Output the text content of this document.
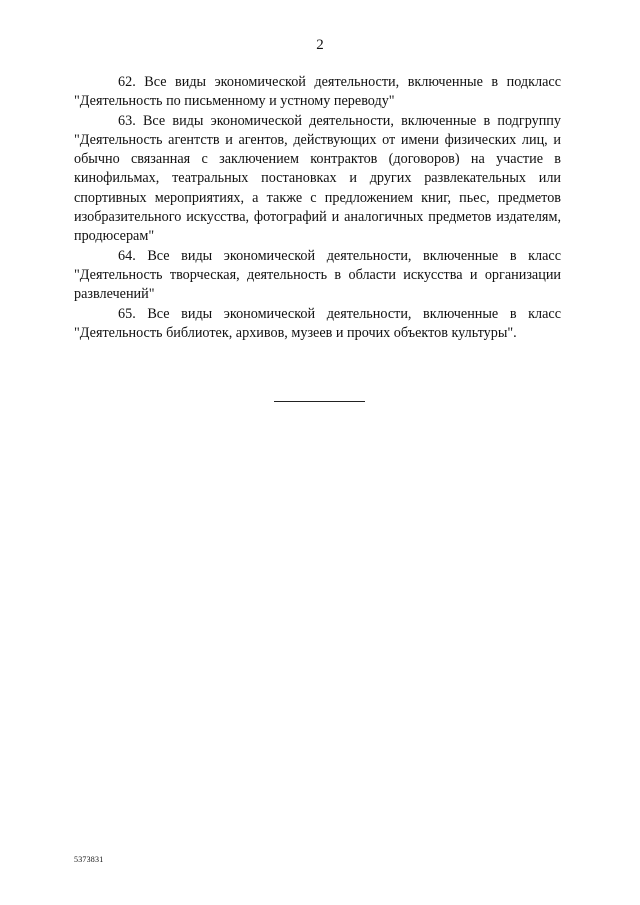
2

62. Все виды экономической деятельности, включенные в подкласс "Деятельность по письменному и устному переводу"

63. Все виды экономической деятельности, включенные в подгруппу "Деятельность агентств и агентов, действующих от имени физических лиц, и обычно связанная с заключением контрактов (договоров) на участие в кинофильмах, театральных постановках и других развлекательных или спортивных мероприятиях, а также с предложением книг, пьес, предметов изобразительного искусства, фотографий и аналогичных предметов издателям, продюсерам"

64. Все виды экономической деятельности, включенные в класс "Деятельность творческая, деятельность в области искусства и организации развлечений"

65. Все виды экономической деятельности, включенные в класс "Деятельность библиотек, архивов, музеев и прочих объектов культуры".

5373831
